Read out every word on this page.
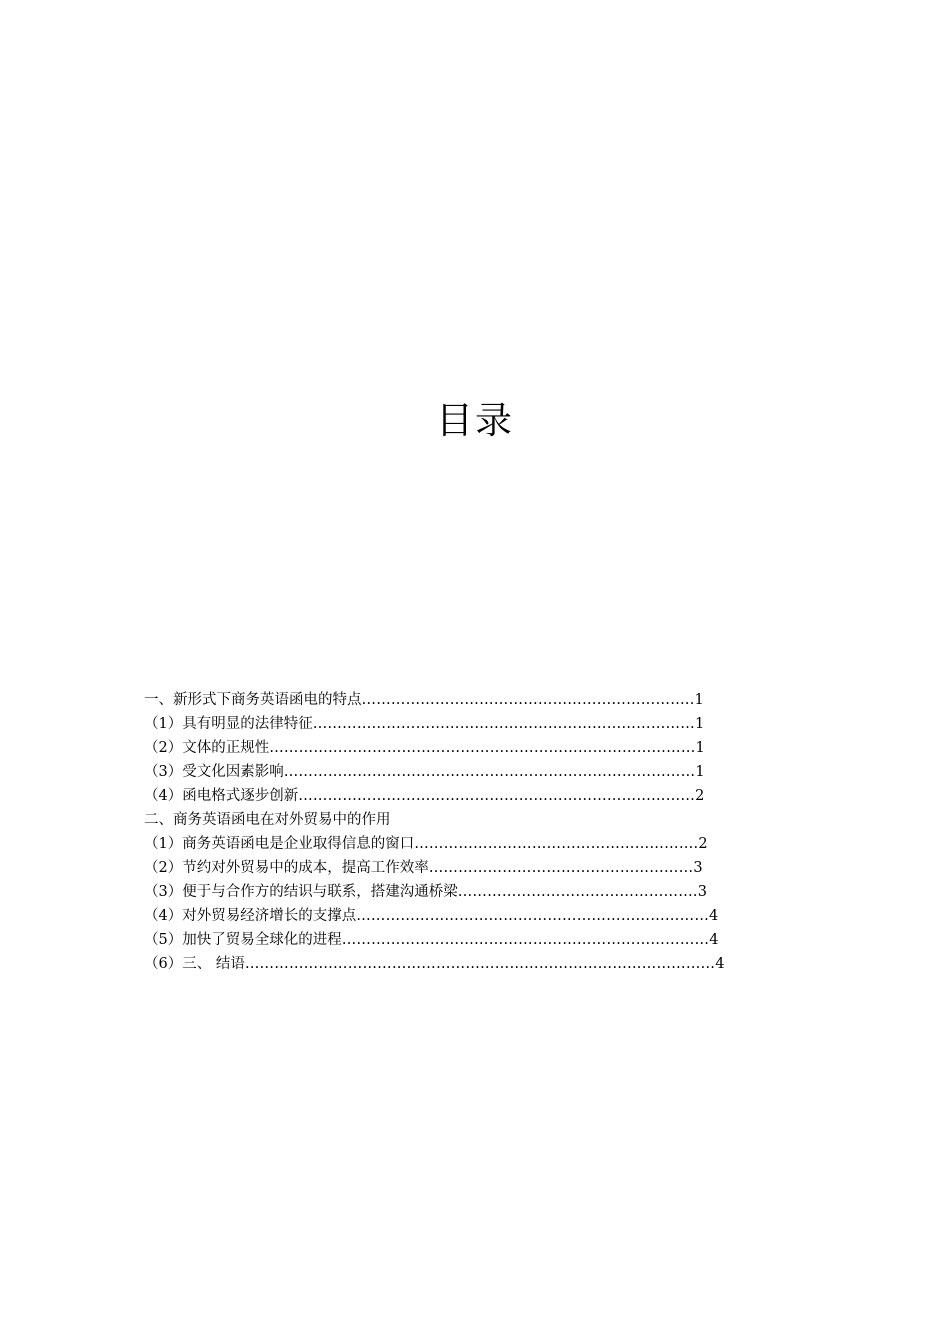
目录
一、新形式下商务英语函电的特点…………………………………………………………..1
（1）具有明显的法律特征……………………………………………………………………1
（2）文体的正规性……………………………………………………………………………1
（3）受文化因素影响…………………………………………………………………………1
（4）函电格式逐步创新………………………………………………………………………2
二、商务英语函电在对外贸易中的作用
（1）商务英语函电是企业取得信息的窗口………………………………………………….2
（2）节约对外贸易中的成本，提高工作效率………………………………………………3
（3）便于与合作方的结识与联系，搭建沟通桥梁………………………………………….3
（4）对外贸易经济增长的支撑点………………………………………………………………4
（5）加快了贸易全球化的进程…………………………………………………………………4
（6）三、 结语……………………………………………………………………………………4
